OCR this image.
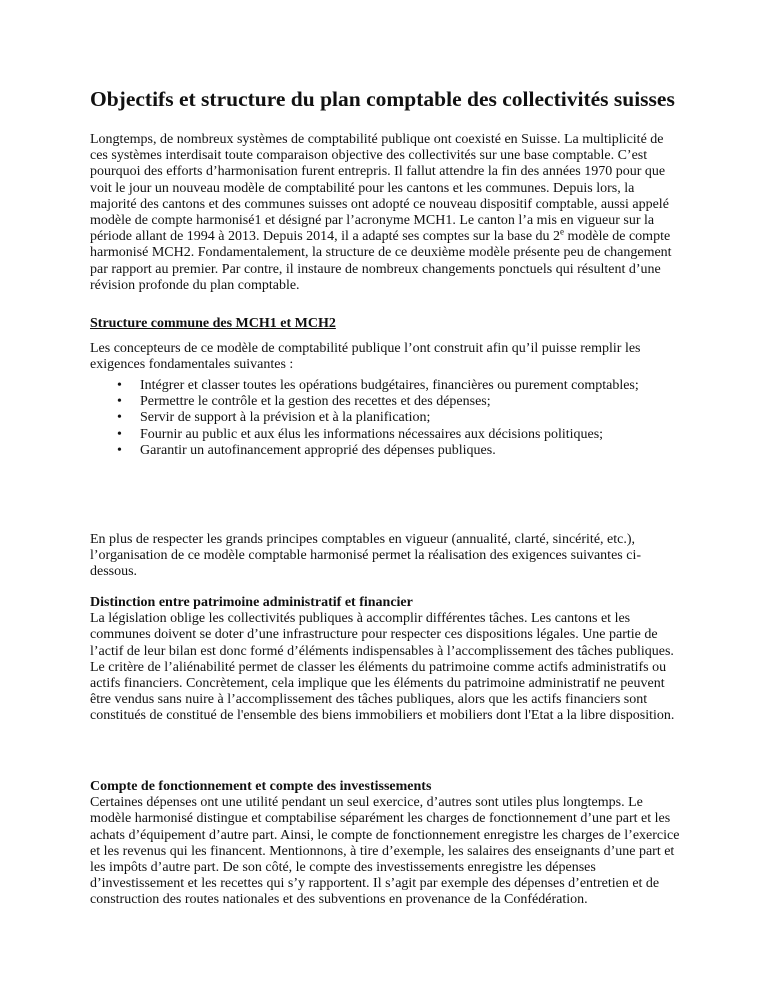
Objectifs et structure du plan comptable des collectivités suisses

Longtemps, de nombreux systèmes de comptabilité publique ont coexisté en Suisse. La multiplicité de ces systèmes interdisait toute comparaison objective des collectivités sur une base comptable. C’est pourquoi des efforts d’harmonisation furent entrepris. Il fallut attendre la fin des années 1970 pour que voit le jour un nouveau modèle de comptabilité pour les cantons et les communes. Depuis lors, la majorité des cantons et des communes suisses ont adopté ce nouveau dispositif comptable, aussi appelé modèle de compte harmonisé1 et désigné par l’acronyme MCH1. Le canton l’a mis en vigueur sur la période allant de 1994 à 2013. Depuis 2014, il a adapté ses comptes sur la base du 2e modèle de compte harmonisé MCH2. Fondamentalement, la structure de ce deuxième modèle présente peu de changement par rapport au premier. Par contre, il instaure de nombreux changements ponctuels qui résultent d’une révision profonde du plan comptable.

Structure commune des MCH1 et MCH2

Les concepteurs de ce modèle de comptabilité publique l’ont construit afin qu’il puisse remplir les exigences fondamentales suivantes :

• Intégrer et classer toutes les opérations budgétaires, financières ou purement comptables;
• Permettre le contrôle et la gestion des recettes et des dépenses;
• Servir de support à la prévision et à la planification;
• Fournir au public et aux élus les informations nécessaires aux décisions politiques;
• Garantir un autofinancement approprié des dépenses publiques.

En plus de respecter les grands principes comptables en vigueur (annualité, clarté, sincérité, etc.), l’organisation de ce modèle comptable harmonisé permet la réalisation des exigences suivantes ci-dessous.

Distinction entre patrimoine administratif et financier
La législation oblige les collectivités publiques à accomplir différentes tâches. Les cantons et les communes doivent se doter d’une infrastructure pour respecter ces dispositions légales. Une partie de l’actif de leur bilan est donc formé d’éléments indispensables à l’accomplissement des tâches publiques. Le critère de l’aliénabilité permet de classer les éléments du patrimoine comme actifs administratifs ou actifs financiers. Concrètement, cela implique que les éléments du patrimoine administratif ne peuvent être vendus sans nuire à l’accomplissement des tâches publiques, alors que les actifs financiers sont constitués de constitué de l'ensemble des biens immobiliers et mobiliers dont l'Etat a la libre disposition.
Compte de fonctionnement et compte des investissements
Certaines dépenses ont une utilité pendant un seul exercice, d’autres sont utiles plus longtemps. Le modèle harmonisé distingue et comptabilise séparément les charges de fonctionnement d’une part et les achats d’équipement d’autre part. Ainsi, le compte de fonctionnement enregistre les charges de l’exercice et les revenus qui les financent. Mentionnons, à tire d’exemple, les salaires des enseignants d’une part et les impôts d’autre part. De son côté, le compte des investissements enregistre les dépenses d’investissement et les recettes qui s’y rapportent. Il s’agit par exemple des dépenses d’entretien et de construction des routes nationales et des subventions en provenance de la Confédération.
